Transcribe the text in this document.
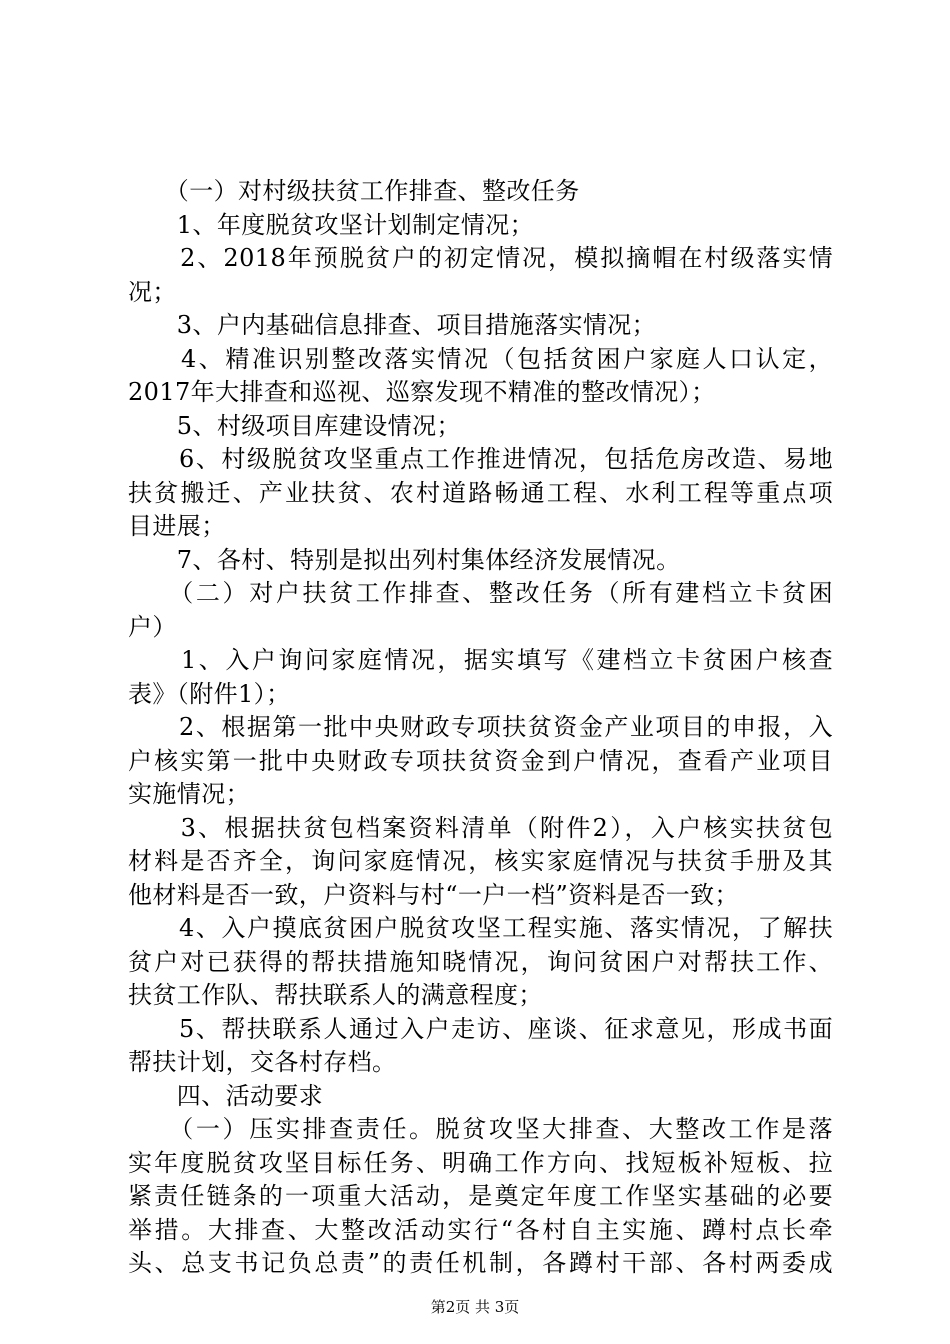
　　（一）对村级扶贫工作排查、整改任务
　　1、年度脱贫攻坚计划制定情况；
　　2、2018年预脱贫户的初定情况，模拟摘帽在村级落实情
况；
　　3、户内基础信息排查、项目措施落实情况；
　　4、精准识别整改落实情况（包括贫困户家庭人口认定，
2017年大排查和巡视、巡察发现不精准的整改情况）；
　　5、村级项目库建设情况；
　　6、村级脱贫攻坚重点工作推进情况，包括危房改造、易地
扶贫搬迁、产业扶贫、农村道路畅通工程、水利工程等重点项
目进展；
　　7、各村、特别是拟出列村集体经济发展情况。
　　（二）对户扶贫工作排查、整改任务（所有建档立卡贫困
户）
　　1、入户询问家庭情况，据实填写《建档立卡贫困户核查
表》（附件1）；
　　2、根据第一批中央财政专项扶贫资金产业项目的申报，入
户核实第一批中央财政专项扶贫资金到户情况，查看产业项目
实施情况；
　　3、根据扶贫包档案资料清单（附件2），入户核实扶贫包
材料是否齐全，询问家庭情况，核实家庭情况与扶贫手册及其
他材料是否一致，户资料与村“一户一档”资料是否一致；
　　4、入户摸底贫困户脱贫攻坚工程实施、落实情况，了解扶
贫户对已获得的帮扶措施知晓情况，询问贫困户对帮扶工作、
扶贫工作队、帮扶联系人的满意程度；
　　5、帮扶联系人通过入户走访、座谈、征求意见，形成书面
帮扶计划，交各村存档。
　　四、活动要求
　　（一）压实排查责任。脱贫攻坚大排查、大整改工作是落
实年度脱贫攻坚目标任务、明确工作方向、找短板补短板、拉
紧责任链条的一项重大活动，是奠定年度工作坚实基础的必要
举措。大排查、大整改活动实行“各村自主实施、蹲村点长牵
头、总支书记负总责”的责任机制，各蹲村干部、各村两委成
第2页 共 3页
